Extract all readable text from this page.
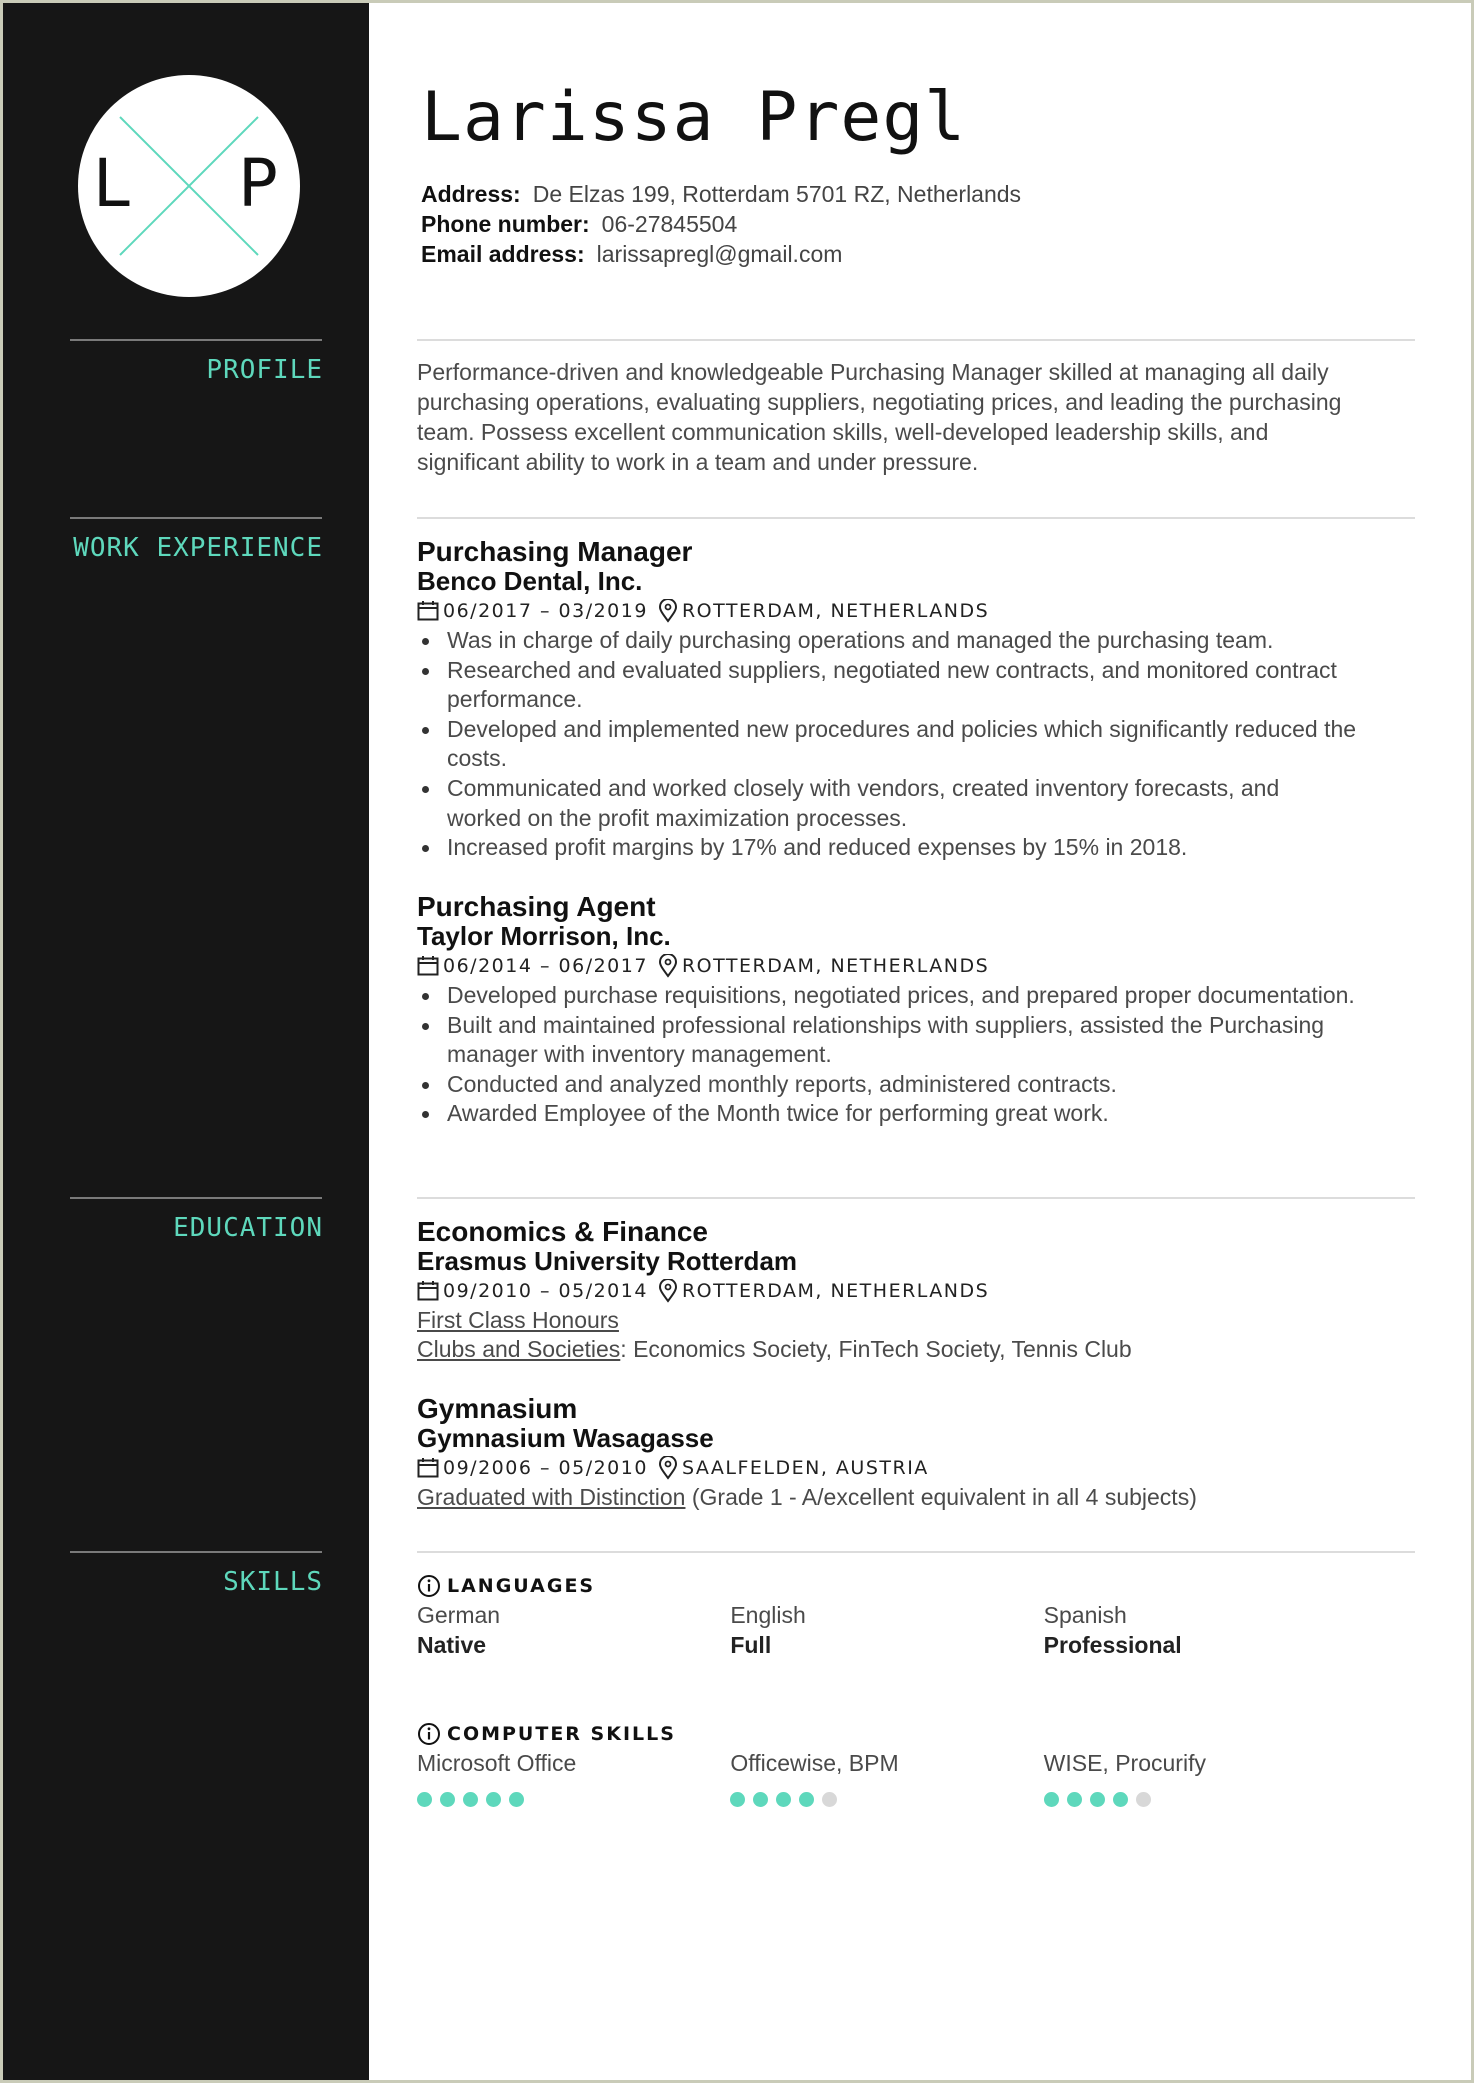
L P
PROFILE
WORK EXPERIENCE
EDUCATION
SKILLS
Larissa Pregl
Address: De Elzas 199, Rotterdam 5701 RZ, Netherlands
Phone number: 06-27845504
Email address: larissapregl@gmail.com
Performance-driven and knowledgeable Purchasing Manager skilled at managing all daily purchasing operations, evaluating suppliers, negotiating prices, and leading the purchasing team. Possess excellent communication skills, well-developed leadership skills, and significant ability to work in a team and under pressure.
Purchasing Manager
Benco Dental, Inc.
06/2017 – 03/2019 ROTTERDAM, NETHERLANDS
Was in charge of daily purchasing operations and managed the purchasing team.
Researched and evaluated suppliers, negotiated new contracts, and monitored contract performance.
Developed and implemented new procedures and policies which significantly reduced the costs.
Communicated and worked closely with vendors, created inventory forecasts, and worked on the profit maximization processes.
Increased profit margins by 17% and reduced expenses by 15% in 2018.
Purchasing Agent
Taylor Morrison, Inc.
06/2014 – 06/2017 ROTTERDAM, NETHERLANDS
Developed purchase requisitions, negotiated prices, and prepared proper documentation.
Built and maintained professional relationships with suppliers, assisted the Purchasing manager with inventory management.
Conducted and analyzed monthly reports, administered contracts.
Awarded Employee of the Month twice for performing great work.
Economics & Finance
Erasmus University Rotterdam
09/2010 – 05/2014 ROTTERDAM, NETHERLANDS
First Class Honours
Clubs and Societies: Economics Society, FinTech Society, Tennis Club
Gymnasium
Gymnasium Wasagasse
09/2006 – 05/2010 SAALFELDEN, AUSTRIA
Graduated with Distinction (Grade 1 - A/excellent equivalent in all 4 subjects)
LANGUAGES
German
Native
English
Full
Spanish
Professional
COMPUTER SKILLS
Microsoft Office	Officewise, BPM	WISE, Procurify
